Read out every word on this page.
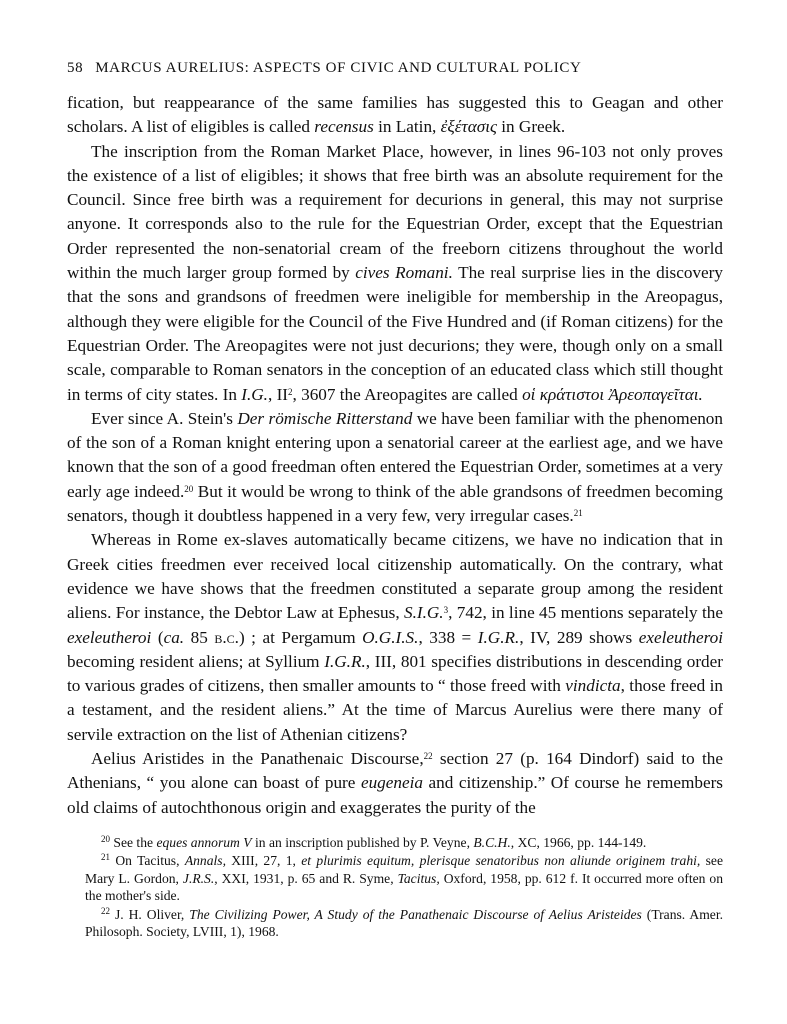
58 MARCUS AURELIUS: ASPECTS OF CIVIC AND CULTURAL POLICY

fication, but reappearance of the same families has suggested this to Geagan and other scholars. A list of eligibles is called recensus in Latin, ἐξέτασις in Greek.

The inscription from the Roman Market Place, however, in lines 96-103 not only proves the existence of a list of eligibles; it shows that free birth was an absolute requirement for the Council. Since free birth was a requirement for decurions in general, this may not surprise anyone. It corresponds also to the rule for the Equestrian Order, except that the Equestrian Order represented the non-senatorial cream of the freeborn citizens throughout the world within the much larger group formed by cives Romani. The real surprise lies in the discovery that the sons and grandsons of freedmen were ineligible for membership in the Areopagus, although they were eligible for the Council of the Five Hundred and (if Roman citizens) for the Equestrian Order. The Areopagites were not just decurions; they were, though only on a small scale, comparable to Roman senators in the conception of an educated class which still thought in terms of city states. In I.G., $II^2$, 3607 the Areopagites are called οἱ κράτιστοι Ἀρεοπαγεῖται.

Ever since A. Stein's Der römische Ritterstand we have been familiar with the phenomenon of the son of a Roman knight entering upon a senatorial career at the earliest age, and we have known that the son of a good freedman often entered the Equestrian Order, sometimes at a very early age indeed.$^{20}$ But it would be wrong to think of the able grandsons of freedmen becoming senators, though it doubtless happened in a very few, very irregular cases.$^{21}$

Whereas in Rome ex-slaves automatically became citizens, we have no indication that in Greek cities freedmen ever received local citizenship automatically. On the contrary, what evidence we have shows that the freedmen constituted a separate group among the resident aliens. For instance, the Debtor Law at Ephesus, S.I.G.$^3$, 742, in line 45 mentions separately the exeleutheroi (ca. 85 b.c.) ; at Pergamum O.G.I.S., 338 = I.G.R., IV, 289 shows exeleutheroi becoming resident aliens; at Syllium I.G.R., III, 801 specifies distributions in descending order to various grades of citizens, then smaller amounts to “ those freed with vindicta, those freed in a testament, and the resident aliens.” At the time of Marcus Aurelius were there many of servile extraction on the list of Athenian citizens?

Aelius Aristides in the Panathenaic Discourse,$^{22}$ section 27 (p. 164 Dindorf) said to the Athenians, “ you alone can boast of pure eugeneia and citizenship.” Of course he remembers old claims of autochthonous origin and exaggerates the purity of the

$^{20}$ See the eques annorum V in an inscription published by P. Veyne, B.C.H., XC, 1966, pp. 144-149.

$^{21}$ On Tacitus, Annals, XIII, 27, 1, et plurimis equitum, plerisque senatoribus non aliunde originem trahi, see Mary L. Gordon, J.R.S., XXI, 1931, p. 65 and R. Syme, Tacitus, Oxford, 1958, pp. 612 f. It occurred more often on the mother's side.

$^{22}$ J. H. Oliver, The Civilizing Power, A Study of the Panathenaic Discourse of Aelius Aristeides (Trans. Amer. Philosoph. Society, LVIII, 1), 1968.
